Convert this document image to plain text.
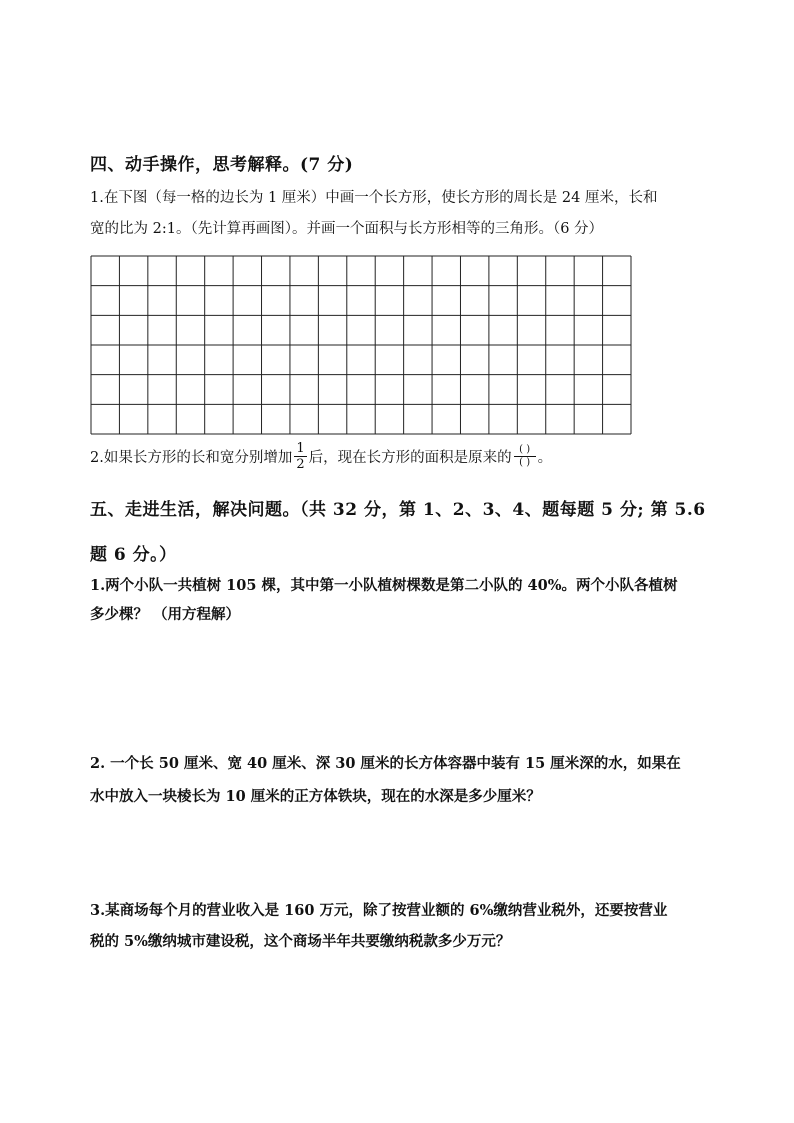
四、动手操作，思考解释。(7 分)
1.在下图（每一格的边长为 1 厘米）中画一个长方形，使长方形的周长是 24 厘米，长和
宽的比为 2:1。（先计算再画图）。并画一个面积与长方形相等的三角形。（6 分）
2.如果长方形的长和宽分别增加 $\frac{1}{2}$ 后，现在长方形的面积是原来的 $\frac{( )}{( )}$ 。
五、走进生活，解决问题。（共 32 分，第 1、2、3、4、题每题 5 分; 第 5.6
题 6 分。）
1.两个小队一共植树 105 棵，其中第一小队植树棵数是第二小队的 40%。两个小队各植树
多少棵？ （用方程解）
2. 一个长 50 厘米、宽 40 厘米、深 30 厘米的长方体容器中装有 15 厘米深的水，如果在
水中放入一块棱长为 10 厘米的正方体铁块，现在的水深是多少厘米？
3.某商场每个月的营业收入是 160 万元，除了按营业额的 6%缴纳营业税外，还要按营业
税的 5%缴纳城市建设税，这个商场半年共要缴纳税款多少万元？
